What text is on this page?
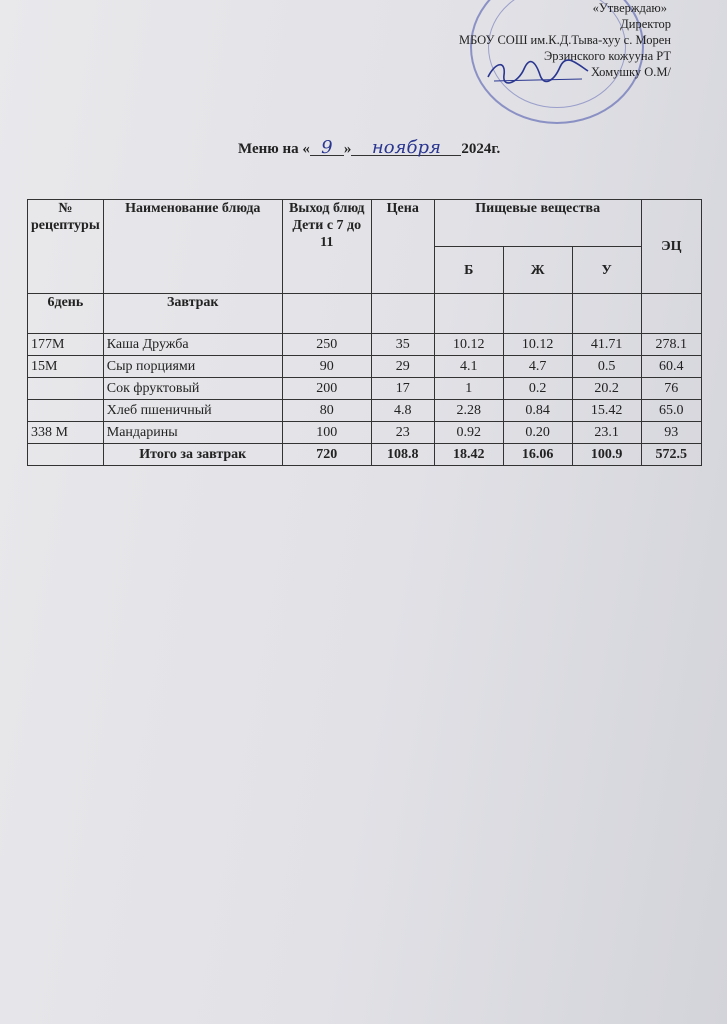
«Утверждаю»
Директор
МБОУ СОШ им.К.Д.Тыва-хуу с. Морен
Эрзинского кожууна РТ
Хомушку О.М/
Меню на « 9 » ноября 2024г.
№ рецептуры	Наименование блюда	Выход блюд Дети с 7 до 11	Цена	Пищевые вещества			ЭЦ
				Б	Ж	У	
6день	Завтрак						
177М	Каша Дружба	250	35	10.12	10.12	41.71	278.1
15М	Сыр порциями	90	29	4.1	4.7	0.5	60.4
	Сок фруктовый	200	17	1	0.2	20.2	76
	Хлеб пшеничный	80	4.8	2.28	0.84	15.42	65.0
338 М	Мандарины	100	23	0.92	0.20	23.1	93
	Итого за завтрак	720	108.8	18.42	16.06	100.9	572.5
